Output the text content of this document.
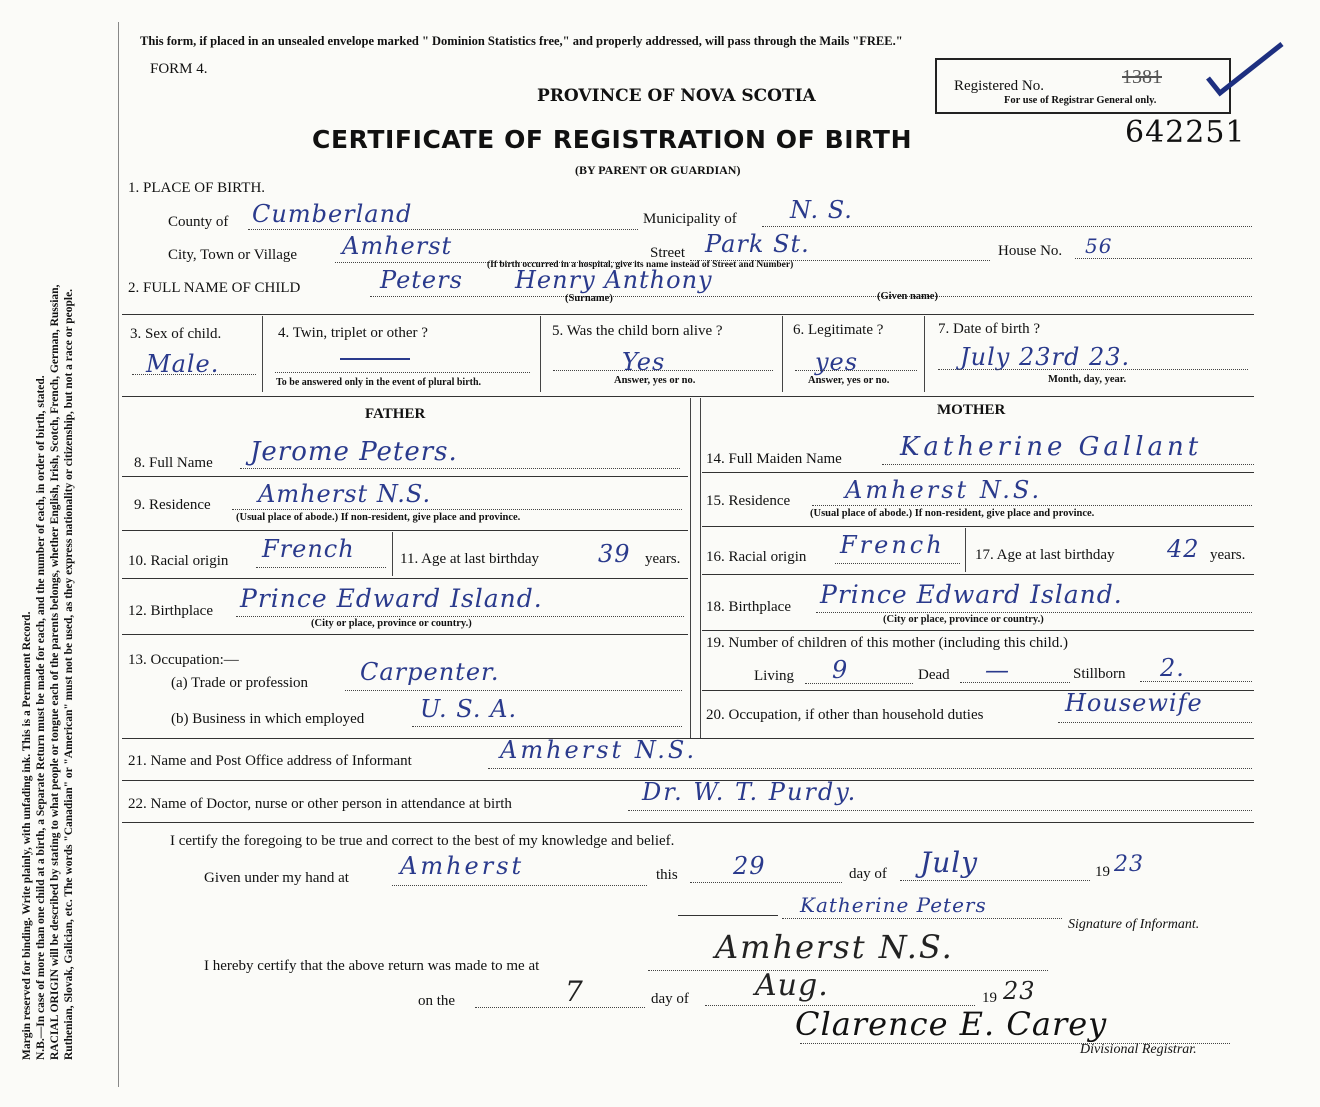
Margin reserved for binding. Write plainly, with unfading ink. This is a Permanent Record. N.B.—In case of more than one child at a birth, a Separate Return must be made for each, and the number of each, in order of birth, stated. RACIAL ORIGIN will be described by stating to what people or tongue each of the parents belongs, whether English, Irish, Scotch, French, German, Russian, Ruthenian, Slovak, Galician, etc. The words "Canadian" or "American" must not be used, as they express nationality or citizenship, but not a race or people.
This form, if placed in an unsealed envelope marked " Dominion Statistics free," and properly addressed, will pass through the Mails "FREE."
FORM 4.
PROVINCE OF NOVA SCOTIA
CERTIFICATE OF REGISTRATION OF BIRTH
(BY PARENT OR GUARDIAN)
Registered No.	1381
For use of Registrar General only.
642251
1. PLACE OF BIRTH.
County of Cumberland	Municipality of N. S.
City, Town or Village Amherst	Street Park St.	House No. 56
(If birth occurred in a hospital, give its name instead of Street and Number)
2. FULL NAME OF CHILD	Peters Henry Anthony
(Surname)	(Given name)
3. Sex of child.
Male.
4. Twin, triplet or other ?
To be answered only in the event of plural birth.
5. Was the child born alive ?
Yes
Answer, yes or no.
6. Legitimate ?
yes
Answer, yes or no.
7. Date of birth ?
July 23rd 23.
Month, day, year.
FATHER	MOTHER
8. Full Name Jerome Peters.
9. Residence Amherst N.S.
(Usual place of abode.) If non-resident, give place and province.
10. Racial origin French	11. Age at last birthday 39 years.
12. Birthplace Prince Edward Island.
(City or place, province or country.)
13. Occupation:—
(a) Trade or profession Carpenter.
(b) Business in which employed U. S. A.
14. Full Maiden Name Katherine Gallant
15. Residence Amherst N.S.
(Usual place of abode.) If non-resident, give place and province.
16. Racial origin French 17. Age at last birthday 42 years.
18. Birthplace Prince Edward Island.
(City or place, province or country.)
19. Number of children of this mother (including this child.)
Living 9	Dead —	Stillborn 2.
20. Occupation, if other than household duties	Housewife
21. Name and Post Office address of Informant	Amherst N.S.
22. Name of Doctor, nurse or other person in attendance at birth	Dr. W. T. Purdy.
I certify the foregoing to be true and correct to the best of my knowledge and belief.
Given under my hand at Amherst	this 29	day of July	19 23
Katherine Peters
Signature of Informant.
I hereby certify that the above return was made to me at	Amherst N.S.
on the	7	day of Aug.	19 23
Clarence E. Carey
Divisional Registrar.
